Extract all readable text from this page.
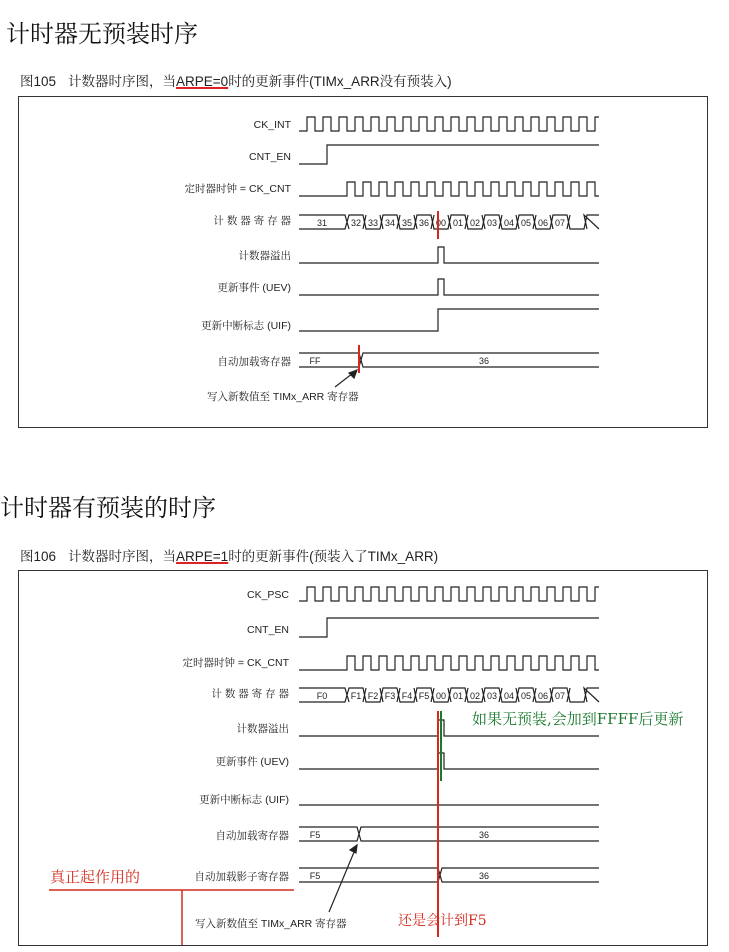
计时器无预装时序
图105 计数器时序图，当ARPE=0时的更新事件(TIMx_ARR没有预装入)
CK_INT
CNT_EN
定时器时钟 = CK_CNT
计 数 器 寄 存 器
计数器溢出
更新事件 (UEV)
更新中断标志 (UIF)
自动加载寄存器
31	32 33 34 35 36 00 01 02 03 04 05 06 07
FF	36
写入新数值至 TIMx_ARR 寄存器
计时器有预装的时序
图106 计数器时序图，当ARPE=1时的更新事件(预装入了TIMx_ARR)
CK_PSC
CNT_EN
定时器时钟 = CK_CNT
计 数 器 寄 存 器
计数器溢出
更新事件 (UEV)
更新中断标志 (UIF)
自动加载寄存器
自动加载影子寄存器
F0	F1 F2 F3 F4 F5 00 01 02 03 04 05 06 07
F5	36
F5	36
写入新数值至 TIMx_ARR 寄存器
如果无预装,会加到FFFF后更新
真正起作用的
还是会计到F5
